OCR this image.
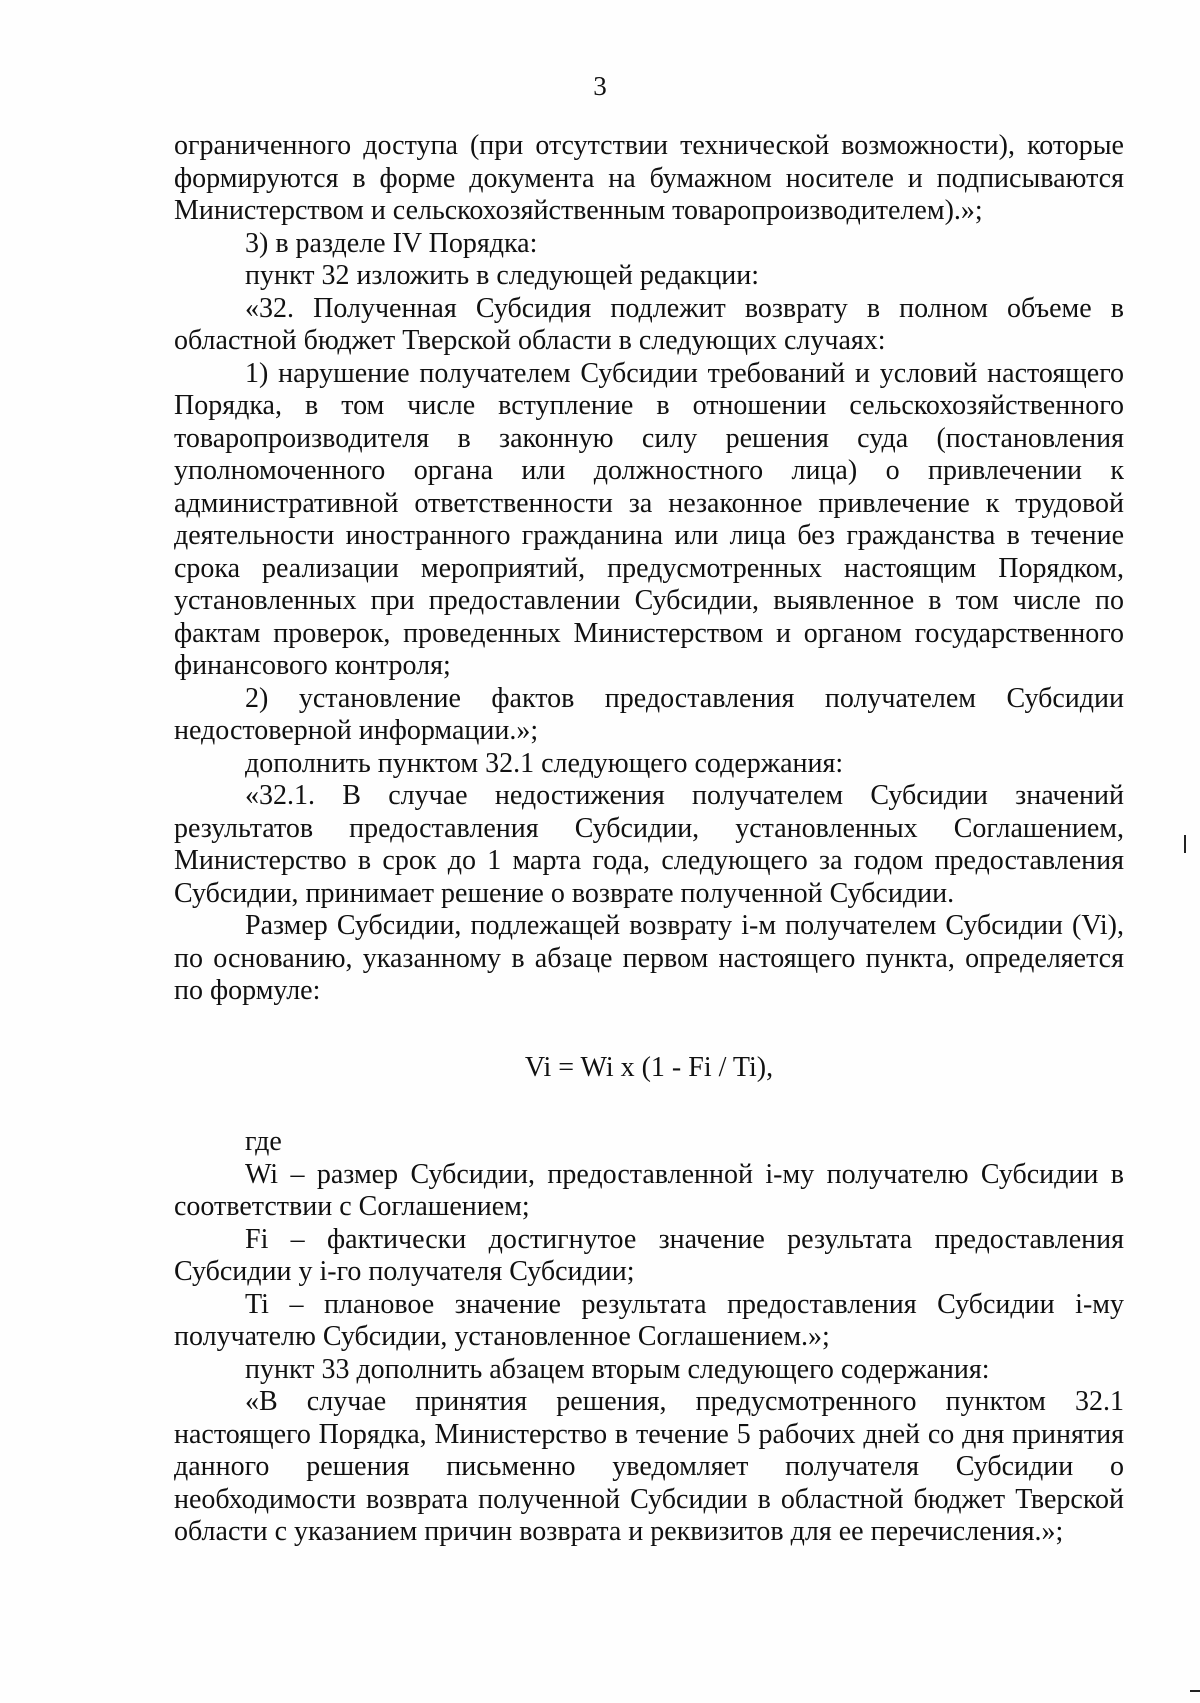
3

ограниченного доступа (при отсутствии технической возможности), которые формируются в форме документа на бумажном носителе и подписываются Министерством и сельскохозяйственным товаропроизводителем).»;

3) в разделе IV Порядка:

пункт 32 изложить в следующей редакции:

«32. Полученная Субсидия подлежит возврату в полном объеме в областной бюджет Тверской области в следующих случаях:

1) нарушение получателем Субсидии требований и условий настоящего Порядка, в том числе вступление в отношении сельскохозяйственного товаропроизводителя в законную силу решения суда (постановления уполномоченного органа или должностного лица) о привлечении к административной ответственности за незаконное привлечение к трудовой деятельности иностранного гражданина или лица без гражданства в течение срока реализации мероприятий, предусмотренных настоящим Порядком, установленных при предоставлении Субсидии, выявленное в том числе по фактам проверок, проведенных Министерством и органом государственного финансового контроля;

2) установление фактов предоставления получателем Субсидии недостоверной информации.»;

дополнить пунктом 32.1 следующего содержания:

«32.1. В случае недостижения получателем Субсидии значений результатов предоставления Субсидии, установленных Соглашением, Министерство в срок до 1 марта года, следующего за годом предоставления Субсидии, принимает решение о возврате полученной Субсидии.

Размер Субсидии, подлежащей возврату i-м получателем Субсидии (Vi), по основанию, указанному в абзаце первом настоящего пункта, определяется по формуле:

Vi = Wi x (1 - Fi / Ti),

где

Wi – размер Субсидии, предоставленной i-му получателю Субсидии в соответствии с Соглашением;

Fi – фактически достигнутое значение результата предоставления Субсидии у i-го получателя Субсидии;

Ti – плановое значение результата предоставления Субсидии i-му получателю Субсидии, установленное Соглашением.»;

пункт 33 дополнить абзацем вторым следующего содержания:

«В случае принятия решения, предусмотренного пунктом 32.1 настоящего Порядка, Министерство в течение 5 рабочих дней со дня принятия данного решения письменно уведомляет получателя Субсидии о необходимости возврата полученной Субсидии в областной бюджет Тверской области с указанием причин возврата и реквизитов для ее перечисления.»;
